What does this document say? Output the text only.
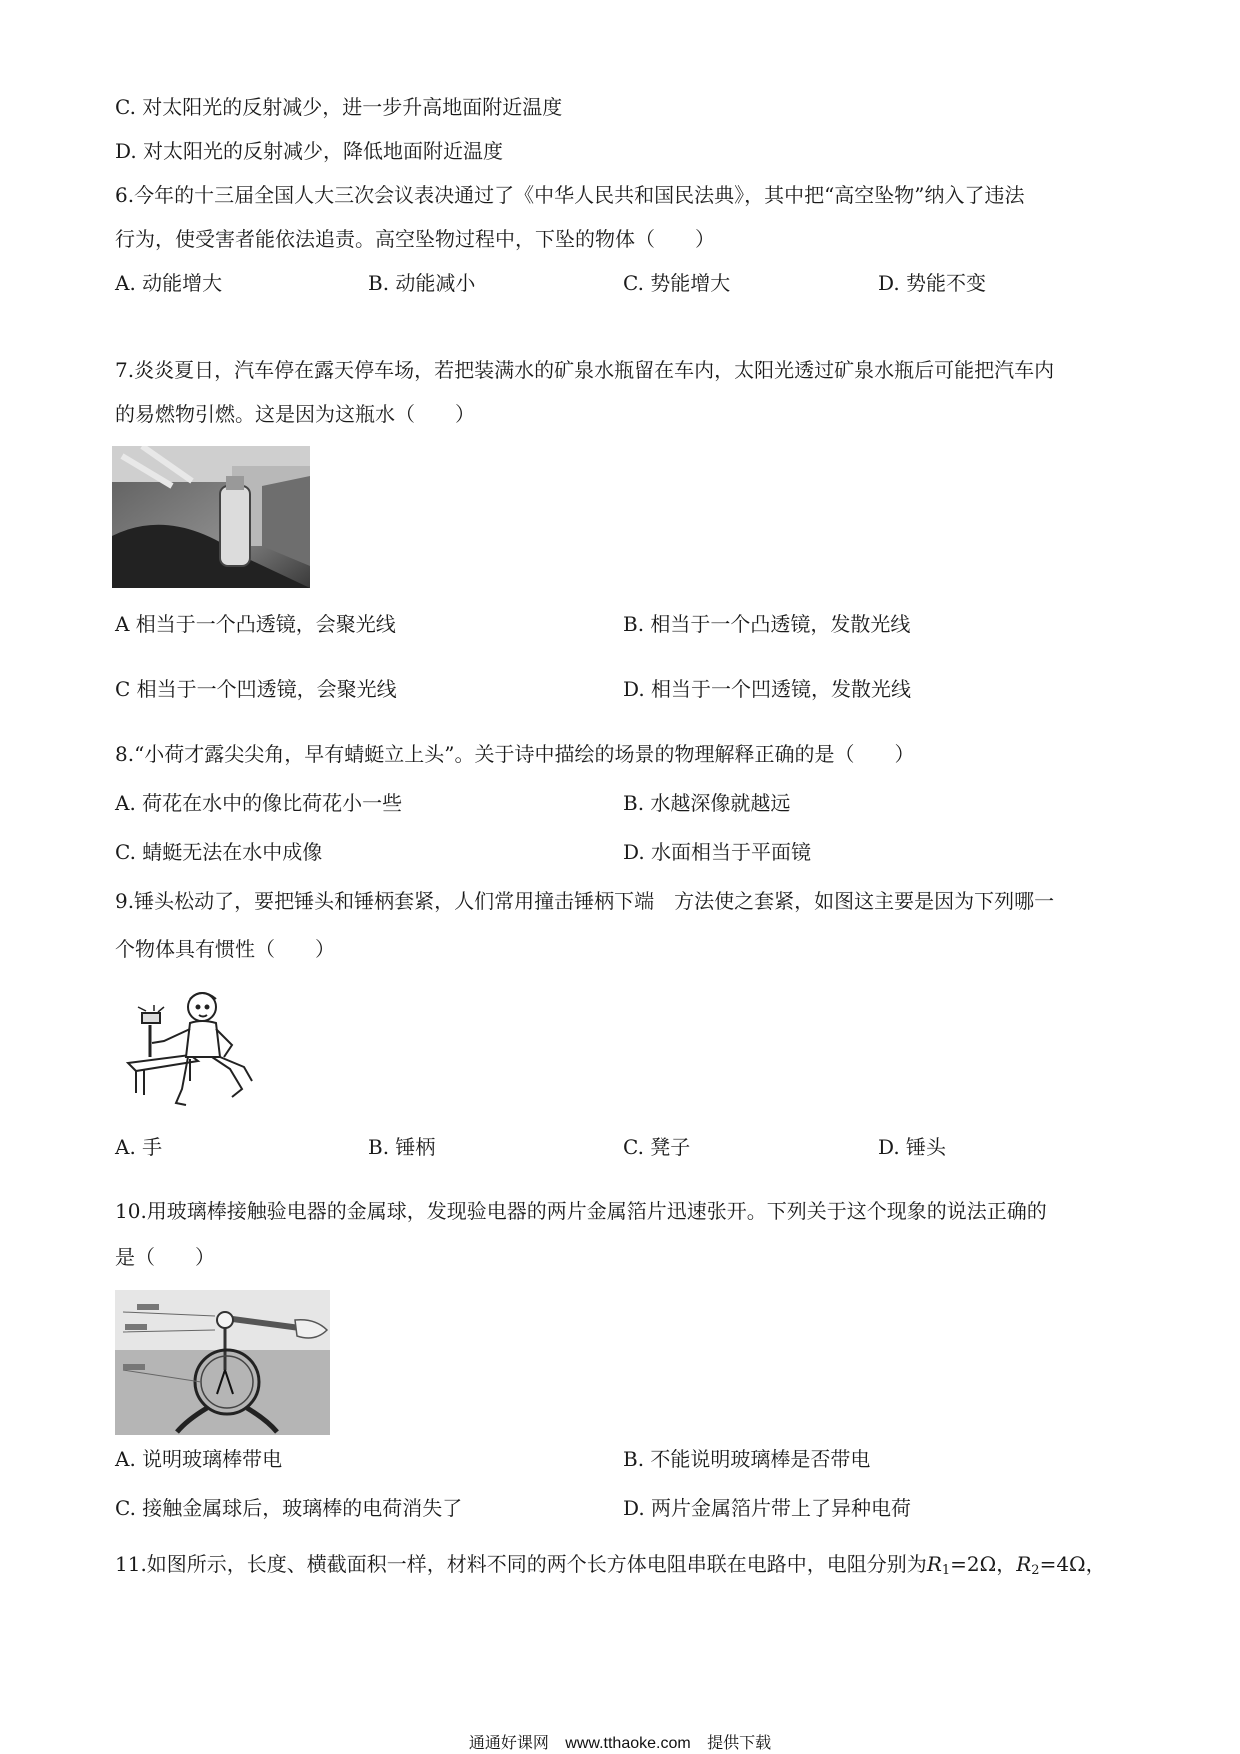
C. 对太阳光的反射减少，进一步升高地面附近温度
D. 对太阳光的反射减少，降低地面附近温度
6.今年的十三届全国人大三次会议表决通过了《中华人民共和国民法典》，其中把“高空坠物”纳入了违法
行为，使受害者能依法追责。高空坠物过程中，下坠的物体（　　）
A. 动能增大	B. 动能减小	C. 势能增大	D. 势能不变
7.炎炎夏日，汽车停在露天停车场，若把装满水的矿泉水瓶留在车内，太阳光透过矿泉水瓶后可能把汽车内
的易燃物引燃。这是因为这瓶水（　　）
A 相当于一个凸透镜，会聚光线	B. 相当于一个凸透镜，发散光线
C 相当于一个凹透镜，会聚光线	D. 相当于一个凹透镜，发散光线
8.“小荷才露尖尖角，早有蜻蜓立上头”。关于诗中描绘的场景的物理解释正确的是（　　）
A. 荷花在水中的像比荷花小一些	B. 水越深像就越远
C. 蜻蜓无法在水中成像	D. 水面相当于平面镜
9.锤头松动了，要把锤头和锤柄套紧，人们常用撞击锤柄下端　方法使之套紧，如图这主要是因为下列哪一
个物体具有惯性（　　）
A. 手	B. 锤柄	C. 凳子	D. 锤头
10.用玻璃棒接触验电器的金属球，发现验电器的两片金属箔片迅速张开。下列关于这个现象的说法正确的
是（　　）
A. 说明玻璃棒带电	B. 不能说明玻璃棒是否带电
C. 接触金属球后，玻璃棒的电荷消失了	D. 两片金属箔片带上了异种电荷
11.如图所示，长度、横截面积一样，材料不同的两个长方体电阻串联在电路中，电阻分别为R1=2Ω，R2=4Ω，
通通好课网 www.tthaoke.com 提供下载
